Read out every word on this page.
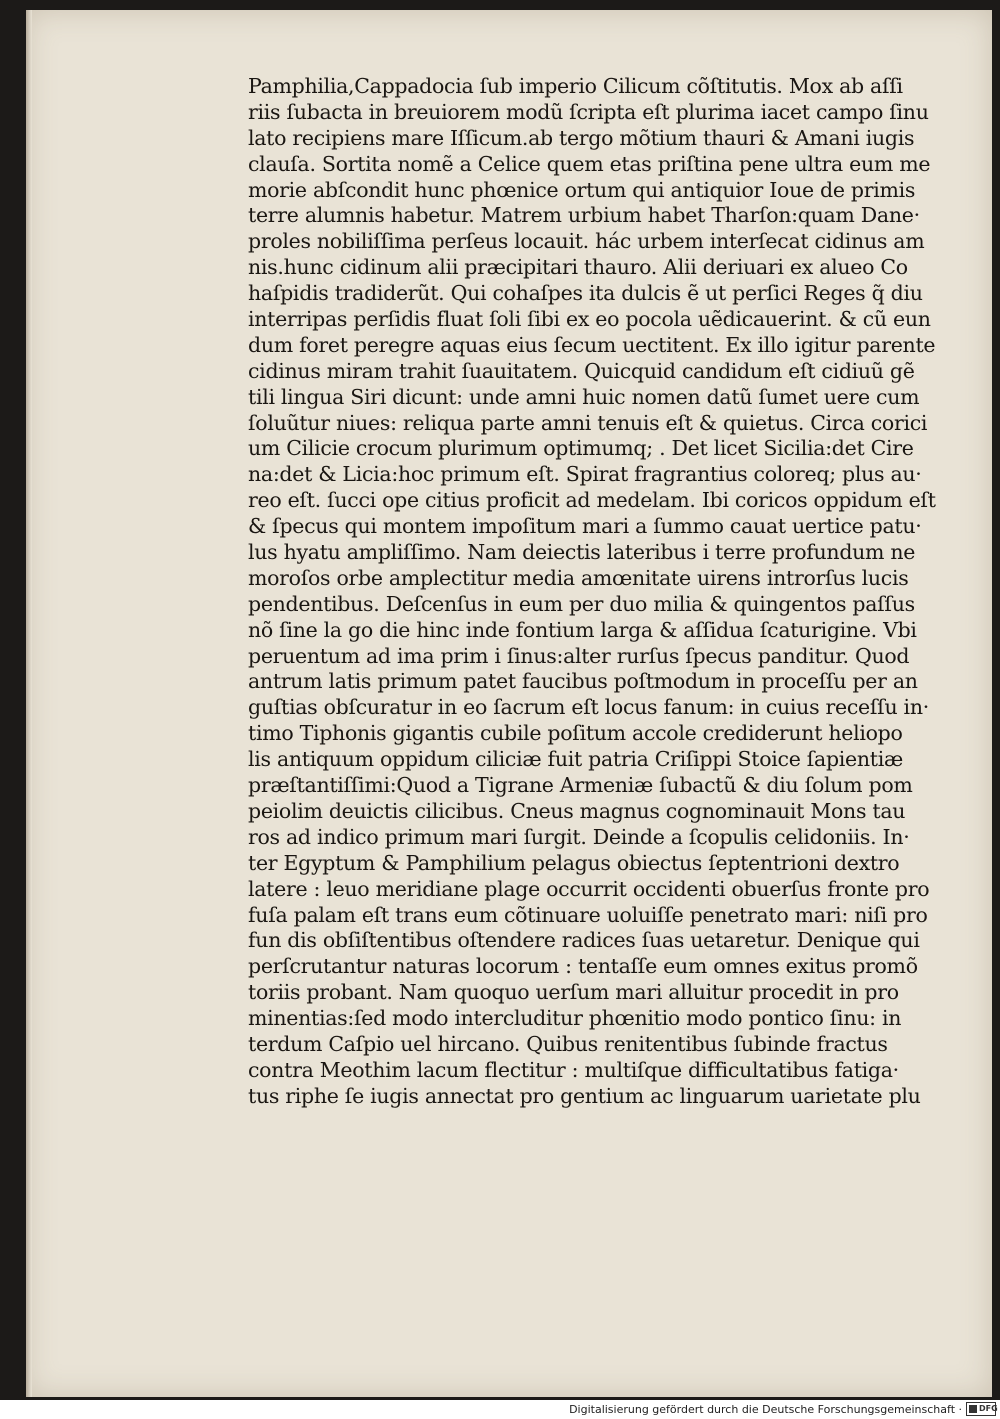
Pamphilia,Cappadocia ſub imperio Cilicum cõſtitutis. Mox ab aſſi
riis ſubacta in breuiorem modũ ſcripta eſt plurima iacet campo ſinu
lato recipiens mare Iſſicum.ab tergo mõtium thauri & Amani iugis
clauſa. Sortita nomẽ a Celice quem etas priſtina pene ultra eum me
morie abſcondit hunc phœnice ortum qui antiquior Ioue de primis
terre alumnis habetur. Matrem urbium habet Tharſon:quam Dane·
proles nobiliſſima perſeus locauit. hác urbem interſecat cidinus am
nis.hunc cidinum alii præcipitari thauro. Alii deriuari ex alueo Co
haſpidis tradiderũt. Qui cohaſpes ita dulcis ẽ ut perſici Reges q̃ diu
interripas perſidis fluat ſoli ſibi ex eo pocola uẽdicauerint. & cũ eun
dum foret peregre aquas eius ſecum uectitent. Ex illo igitur parente
cidinus miram trahit ſuauitatem. Quicquid candidum eſt cidiuũ gẽ
tili lingua Siri dicunt: unde amni huic nomen datũ ſumet uere cum
ſoluũtur niues: reliqua parte amni tenuis eſt & quietus. Circa corici
um Cilicie crocum plurimum optimumq; . Det licet Sicilia:det Cire
na:det & Licia:hoc primum eſt. Spirat fragrantius coloreq; plus au·
reo eſt. ſucci ope citius proficit ad medelam. Ibi coricos oppidum eſt
& ſpecus qui montem impoſitum mari a ſummo cauat uertice patu·
lus hyatu ampliſſimo. Nam deiectis lateribus i terre profundum ne
moroſos orbe amplectitur media amœnitate uirens introrſus lucis
pendentibus. Deſcenſus in eum per duo milia & quingentos paſſus
nõ ſine la go die hinc inde fontium larga & aſſidua ſcaturigine. Vbi
peruentum ad ima prim i ſinus:alter rurſus ſpecus panditur. Quod
antrum latis primum patet faucibus poſtmodum in proceſſu per an
guſtias obſcuratur in eo ſacrum eſt locus fanum: in cuius receſſu in·
timo Tiphonis gigantis cubile poſitum accole crediderunt heliopo
lis antiquum oppidum ciliciæ fuit patria Criſippi Stoice ſapientiæ
præſtantiſſimi:Quod a Tigrane Armeniæ ſubactũ & diu ſolum pom
peiolim deuictis cilicibus. Cneus magnus cognominauit Mons tau
ros ad indico primum mari ſurgit. Deinde a ſcopulis celidoniis. In·
ter Egyptum & Pamphilium pelagus obiectus ſeptentrioni dextro
latere : leuo meridiane plage occurrit occidenti obuerſus fronte pro
fuſa palam eſt trans eum cõtinuare uoluiſſe penetrato mari: niſi pro
fun dis obſiſtentibus oſtendere radices ſuas uetaretur. Denique qui
perſcrutantur naturas locorum : tentaſſe eum omnes exitus promõ
toriis probant. Nam quoquo uerſum mari alluitur procedit in pro
minentias:ſed modo intercluditur phœnitio modo pontico ſinu: in
terdum Caſpio uel hircano. Quibus renitentibus ſubinde fractus
contra Meothim lacum flectitur : multiſque difficultatibus fatiga·
tus riphe ſe iugis annectat pro gentium ac linguarum uarietate plu
Digitalisierung gefördert durch die Deutsche Forschungsgemeinschaft · DFG
